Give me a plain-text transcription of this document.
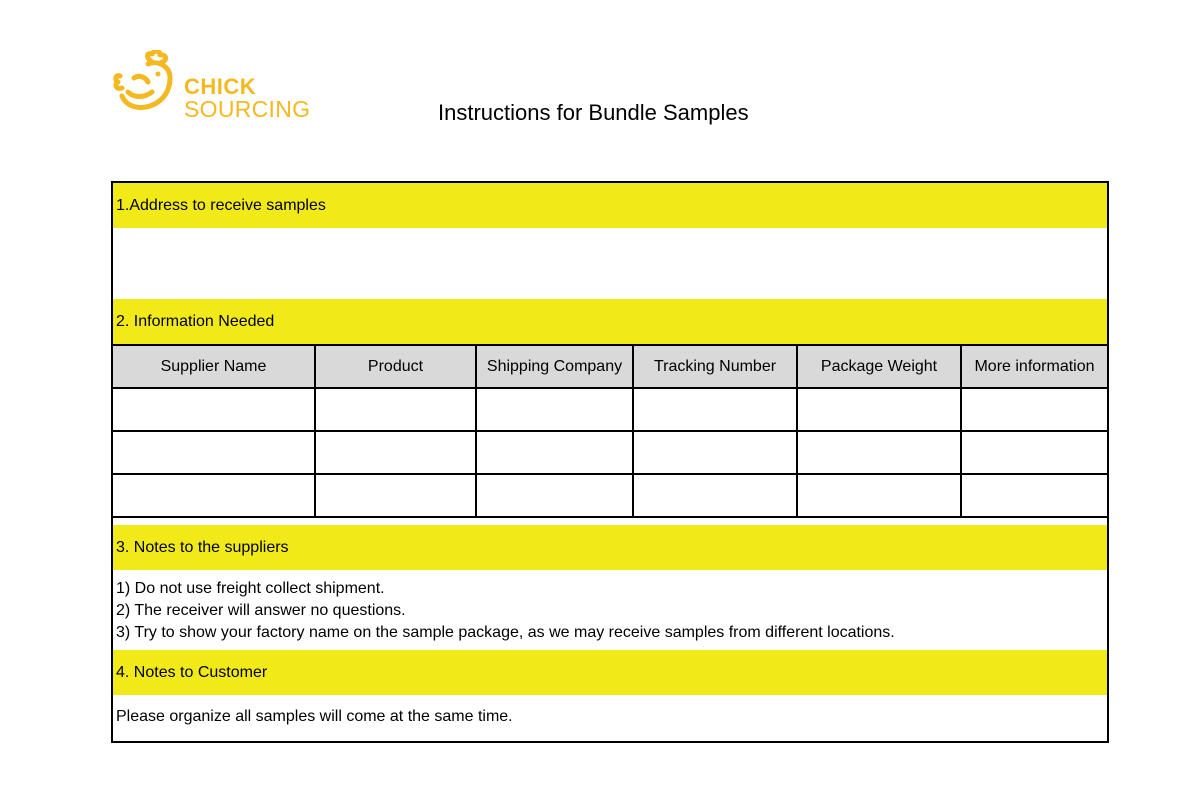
CHICK
SOURCING	Instructions for Bundle Samples
1.Address to receive samples
2. Information Needed
Supplier Name	Product	Shipping Company	Tracking Number	Package Weight	More information

3. Notes to the suppliers
1) Do not use freight collect shipment.
2) The receiver will answer no questions.
3) Try to show your factory name on the sample package, as we may receive samples from different locations.
4. Notes to Customer
Please organize all samples will come at the same time.
